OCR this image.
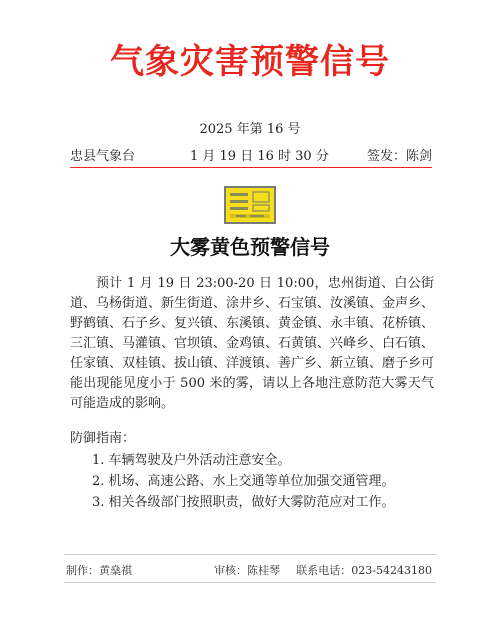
气象灾害预警信号
2025 年第 16 号
忠县气象台	1 月 19 日 16 时 30 分	签发：陈剑
大雾黄色预警信号

预计 1 月 19 日 23:00-20 日 10:00，忠州街道、白公街道、乌杨街道、新生街道、涂井乡、石宝镇、汝溪镇、金声乡、野鹤镇、石子乡、复兴镇、东溪镇、黄金镇、永丰镇、花桥镇、三汇镇、马灌镇、官坝镇、金鸡镇、石黄镇、兴峰乡、白石镇、任家镇、双桂镇、拔山镇、洋渡镇、善广乡、新立镇、磨子乡可能出现能见度小于 500 米的雾，请以上各地注意防范大雾天气可能造成的影响。

防御指南：
1. 车辆驾驶及户外活动注意安全。
2. 机场、高速公路、水上交通等单位加强交通管理。
3. 相关各级部门按照职责，做好大雾防范应对工作。
制作：黄燊祺	审核：陈桂琴 联系电话：023-54243180
